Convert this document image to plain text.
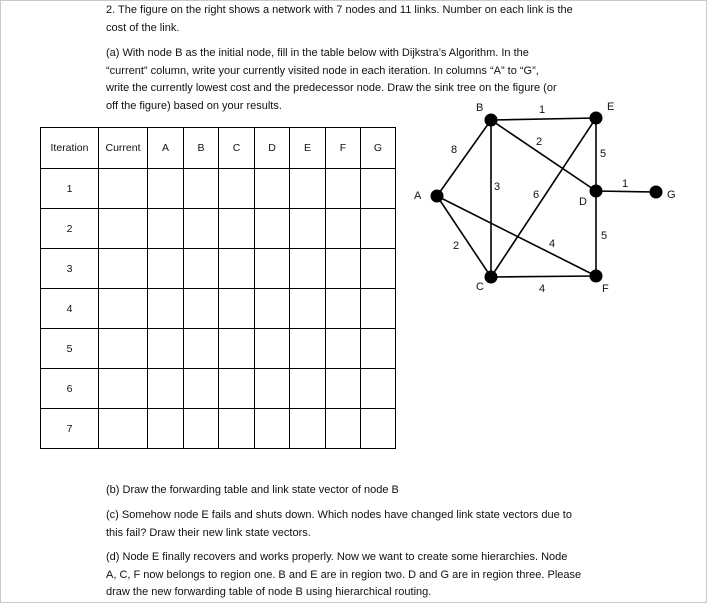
2. The figure on the right shows a network with 7 nodes and 11 links. Number on each link is the
cost of the link.
(a) With node B as the initial node, fill in the table below with Dijkstra’s Algorithm. In the
“current” column, write your currently visited node in each iteration. In columns “A” to “G”,
write the currently lowest cost and the predecessor node. Draw the sink tree on the figure (or
off the figure) based on your results.
Iteration	Current	A	B	C	D	E	F	G
1								
2								
3								
4								
5								
6								
7								
A
B
C
D
E
F
G
8
1
2
3
2
6
4
4
5
5
1
(b) Draw the forwarding table and link state vector of node B
(c) Somehow node E fails and shuts down. Which nodes have changed link state vectors due to
this fail? Draw their new link state vectors.
(d) Node E finally recovers and works properly. Now we want to create some hierarchies. Node
A, C, F now belongs to region one. B and E are in region two. D and G are in region three. Please
draw the new forwarding table of node B using hierarchical routing.
